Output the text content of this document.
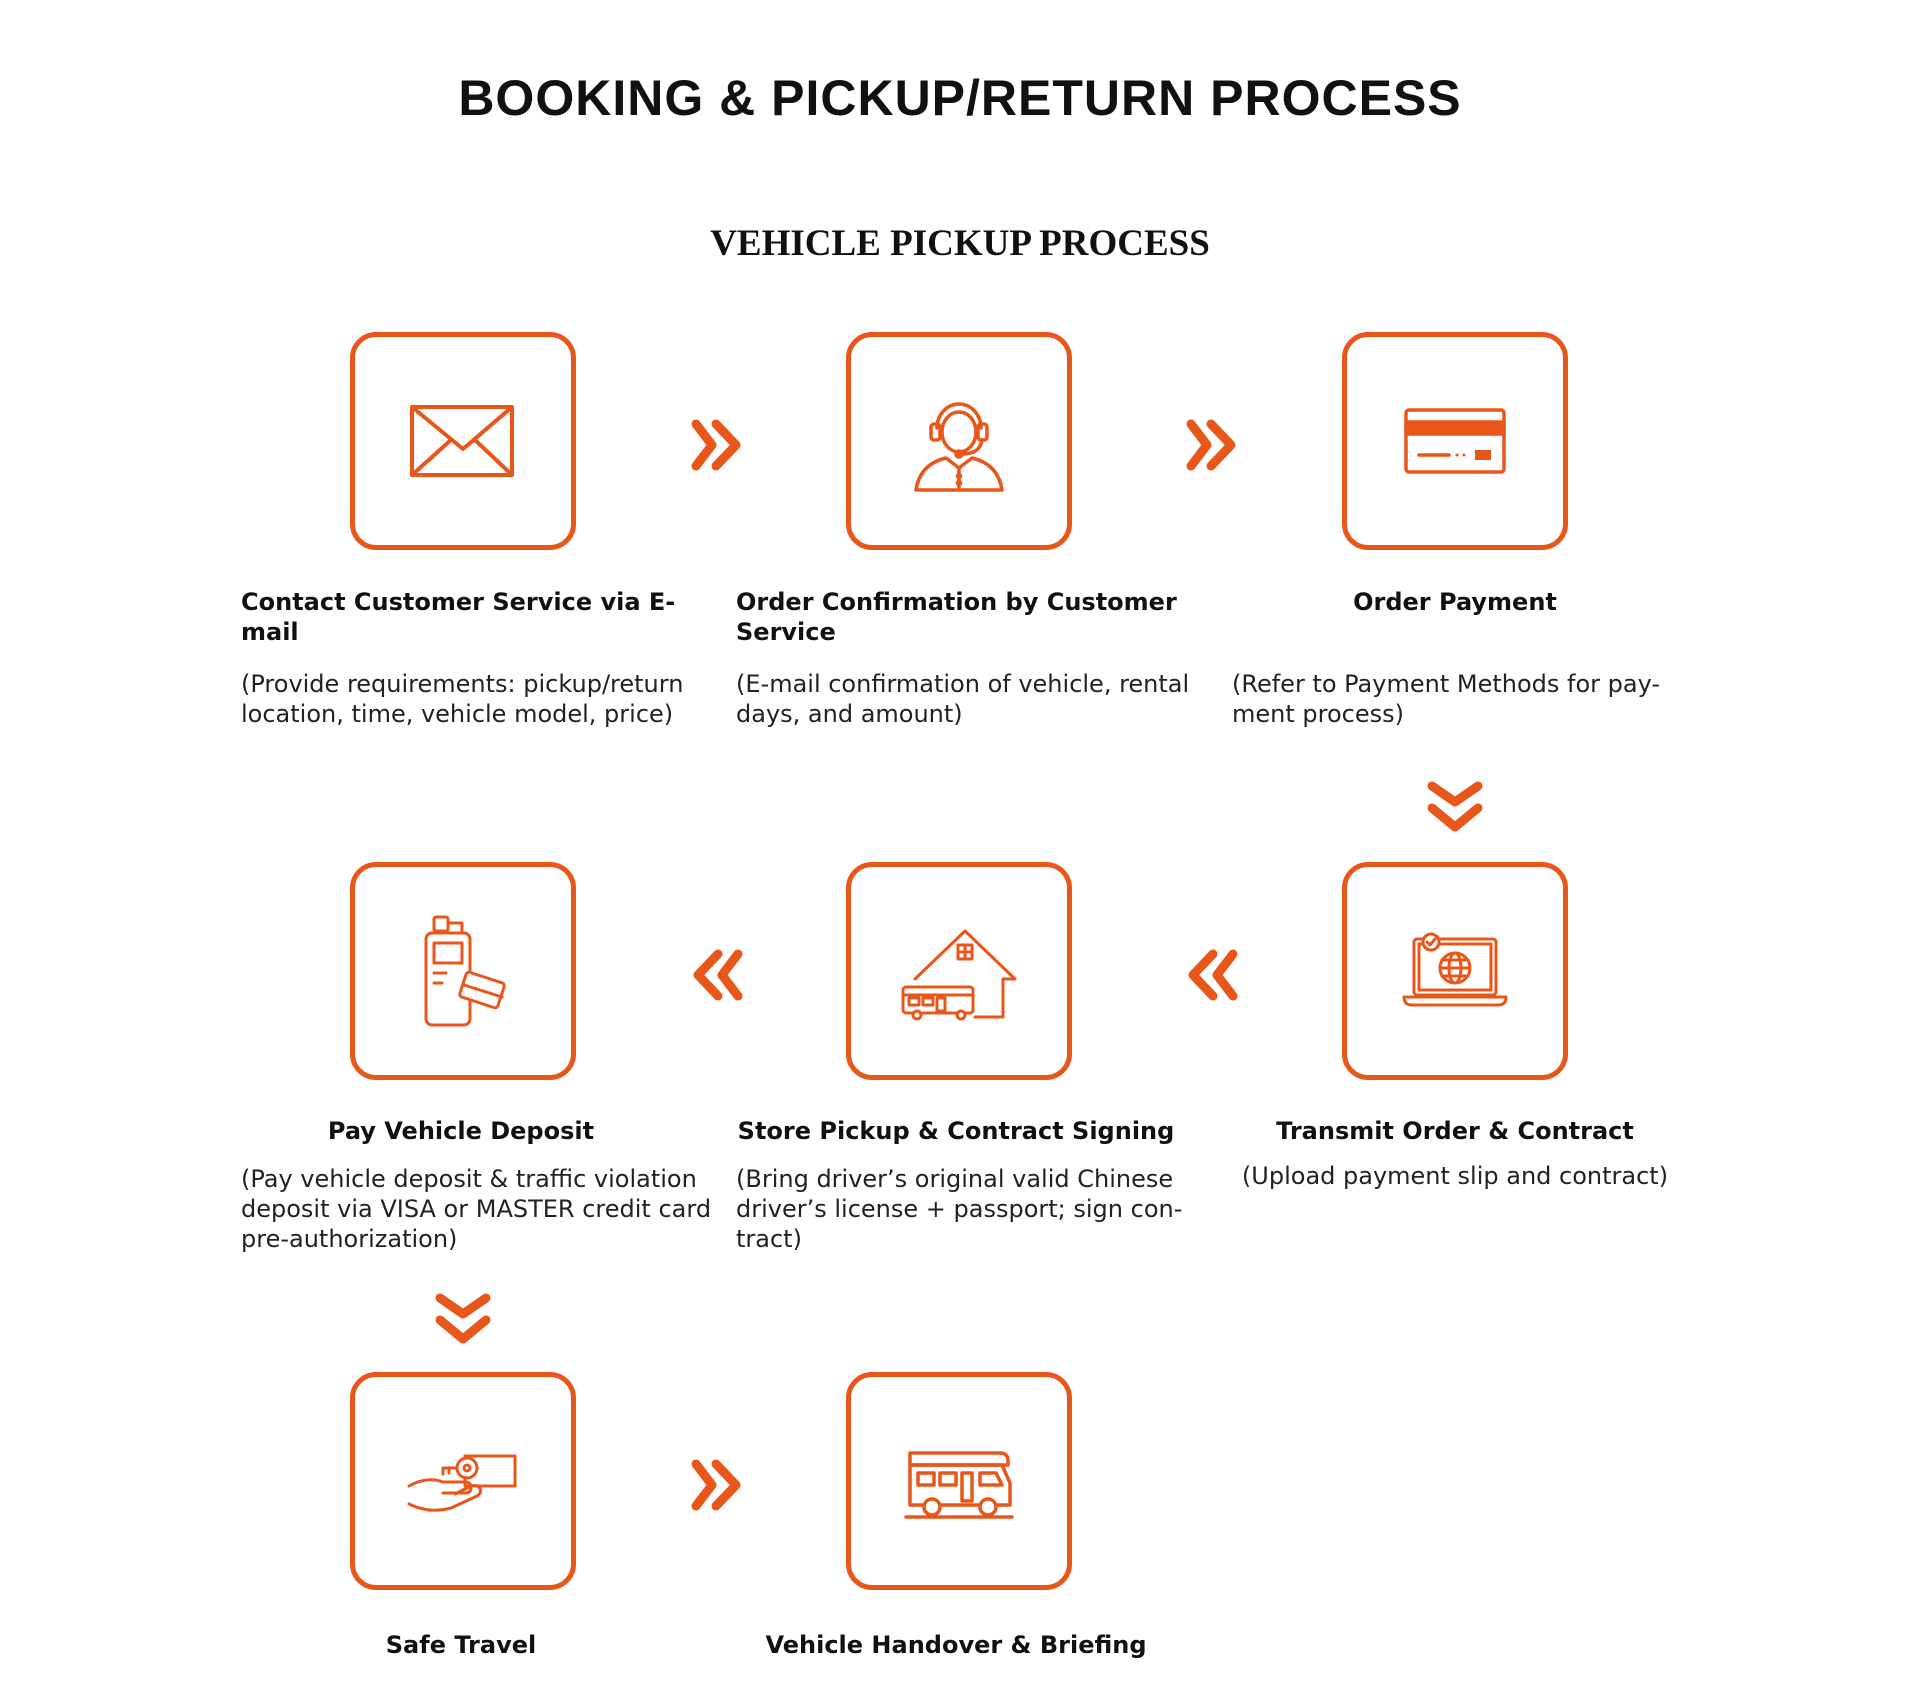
BOOKING & PICKUP/RETURN PROCESS
VEHICLE PICKUP PROCESS
Contact Customer Service via E-mail
(Provide requirements: pickup/return
location, time, vehicle model, price)
Order Confirmation by Customer
Service
(E-mail confirmation of vehicle, rental
days, and amount)
Order Payment
(Refer to Payment Methods for pay-
ment process)
Transmit Order & Contract
(Upload payment slip and contract)
Store Pickup & Contract Signing
(Bring driver’s original valid Chinese
driver’s license + passport; sign con-
tract)
Pay Vehicle Deposit
(Pay vehicle deposit & traffic violation
deposit via VISA or MASTER credit card
pre-authorization)
Safe Travel	Vehicle Handover & Briefing
